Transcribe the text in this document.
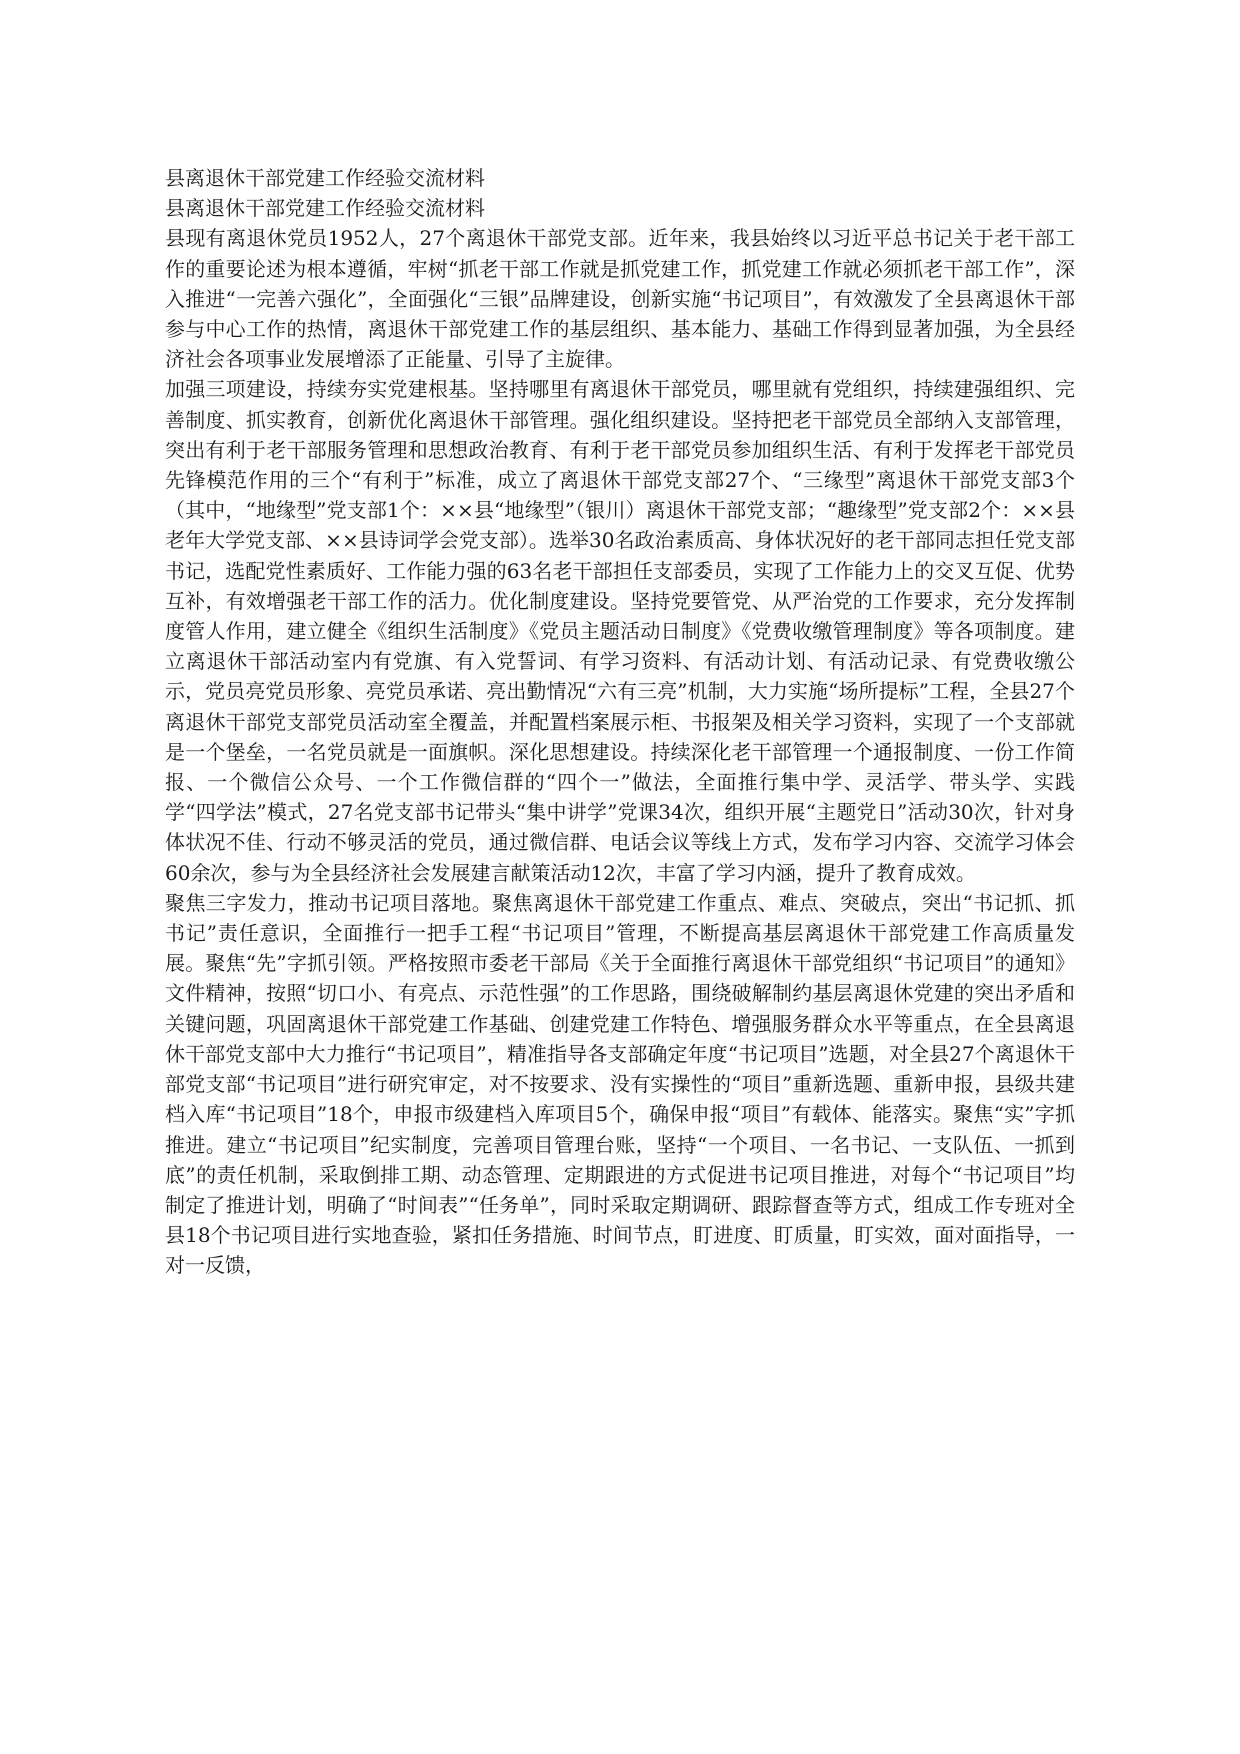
县离退休干部党建工作经验交流材料
县离退休干部党建工作经验交流材料

县现有离退休党员1952人，27个离退休干部党支部。近年来，我县始终以习近平总书记关于老干部工作的重要论述为根本遵循，牢树“抓老干部工作就是抓党建工作，抓党建工作就必须抓老干部工作”，深入推进“一完善六强化”，全面强化“三银”品牌建设，创新实施“书记项目”，有效激发了全县离退休干部参与中心工作的热情，离退休干部党建工作的基层组织、基本能力、基础工作得到显著加强，为全县经济社会各项事业发展增添了正能量、引导了主旋律。

加强三项建设，持续夯实党建根基。坚持哪里有离退休干部党员，哪里就有党组织，持续建强组织、完善制度、抓实教育，创新优化离退休干部管理。强化组织建设。坚持把老干部党员全部纳入支部管理，突出有利于老干部服务管理和思想政治教育、有利于老干部党员参加组织生活、有利于发挥老干部党员先锋模范作用的三个“有利于”标准，成立了离退休干部党支部27个、“三缘型”离退休干部党支部3个（其中，“地缘型”党支部1个：××县“地缘型”（银川）离退休干部党支部；“趣缘型”党支部2个：××县老年大学党支部、××县诗词学会党支部）。选举30名政治素质高、身体状况好的老干部同志担任党支部书记，选配党性素质好、工作能力强的63名老干部担任支部委员，实现了工作能力上的交叉互促、优势互补，有效增强老干部工作的活力。优化制度建设。坚持党要管党、从严治党的工作要求，充分发挥制度管人作用，建立健全《组织生活制度》《党员主题活动日制度》《党费收缴管理制度》等各项制度。建立离退休干部活动室内有党旗、有入党誓词、有学习资料、有活动计划、有活动记录、有党费收缴公示，党员亮党员形象、亮党员承诺、亮出勤情况“六有三亮”机制，大力实施“场所提标”工程，全县27个离退休干部党支部党员活动室全覆盖，并配置档案展示柜、书报架及相关学习资料，实现了一个支部就是一个堡垒，一名党员就是一面旗帜。深化思想建设。持续深化老干部管理一个通报制度、一份工作简报、一个微信公众号、一个工作微信群的“四个一”做法，全面推行集中学、灵活学、带头学、实践学“四学法”模式，27名党支部书记带头“集中讲学”党课34次，组织开展“主题党日”活动30次，针对身体状况不佳、行动不够灵活的党员，通过微信群、电话会议等线上方式，发布学习内容、交流学习体会60余次，参与为全县经济社会发展建言献策活动12次，丰富了学习内涵，提升了教育成效。

聚焦三字发力，推动书记项目落地。聚焦离退休干部党建工作重点、难点、突破点，突出“书记抓、抓书记”责任意识，全面推行一把手工程“书记项目”管理，不断提高基层离退休干部党建工作高质量发展。聚焦“先”字抓引领。严格按照市委老干部局《关于全面推行离退休干部党组织“书记项目”的通知》文件精神，按照“切口小、有亮点、示范性强”的工作思路，围绕破解制约基层离退休党建的突出矛盾和关键问题，巩固离退休干部党建工作基础、创建党建工作特色、增强服务群众水平等重点，在全县离退休干部党支部中大力推行“书记项目”，精准指导各支部确定年度“书记项目”选题，对全县27个离退休干部党支部“书记项目”进行研究审定，对不按要求、没有实操性的“项目”重新选题、重新申报，县级共建档入库“书记项目”18个，申报市级建档入库项目5个，确保申报“项目”有载体、能落实。聚焦“实”字抓推进。建立“书记项目”纪实制度，完善项目管理台账，坚持“一个项目、一名书记、一支队伍、一抓到底”的责任机制，采取倒排工期、动态管理、定期跟进的方式促进书记项目推进，对每个“书记项目”均制定了推进计划，明确了“时间表”“任务单”，同时采取定期调研、跟踪督查等方式，组成工作专班对全县18个书记项目进行实地查验，紧扣任务措施、时间节点，盯进度、盯质量，盯实效，面对面指导，一对一反馈，
